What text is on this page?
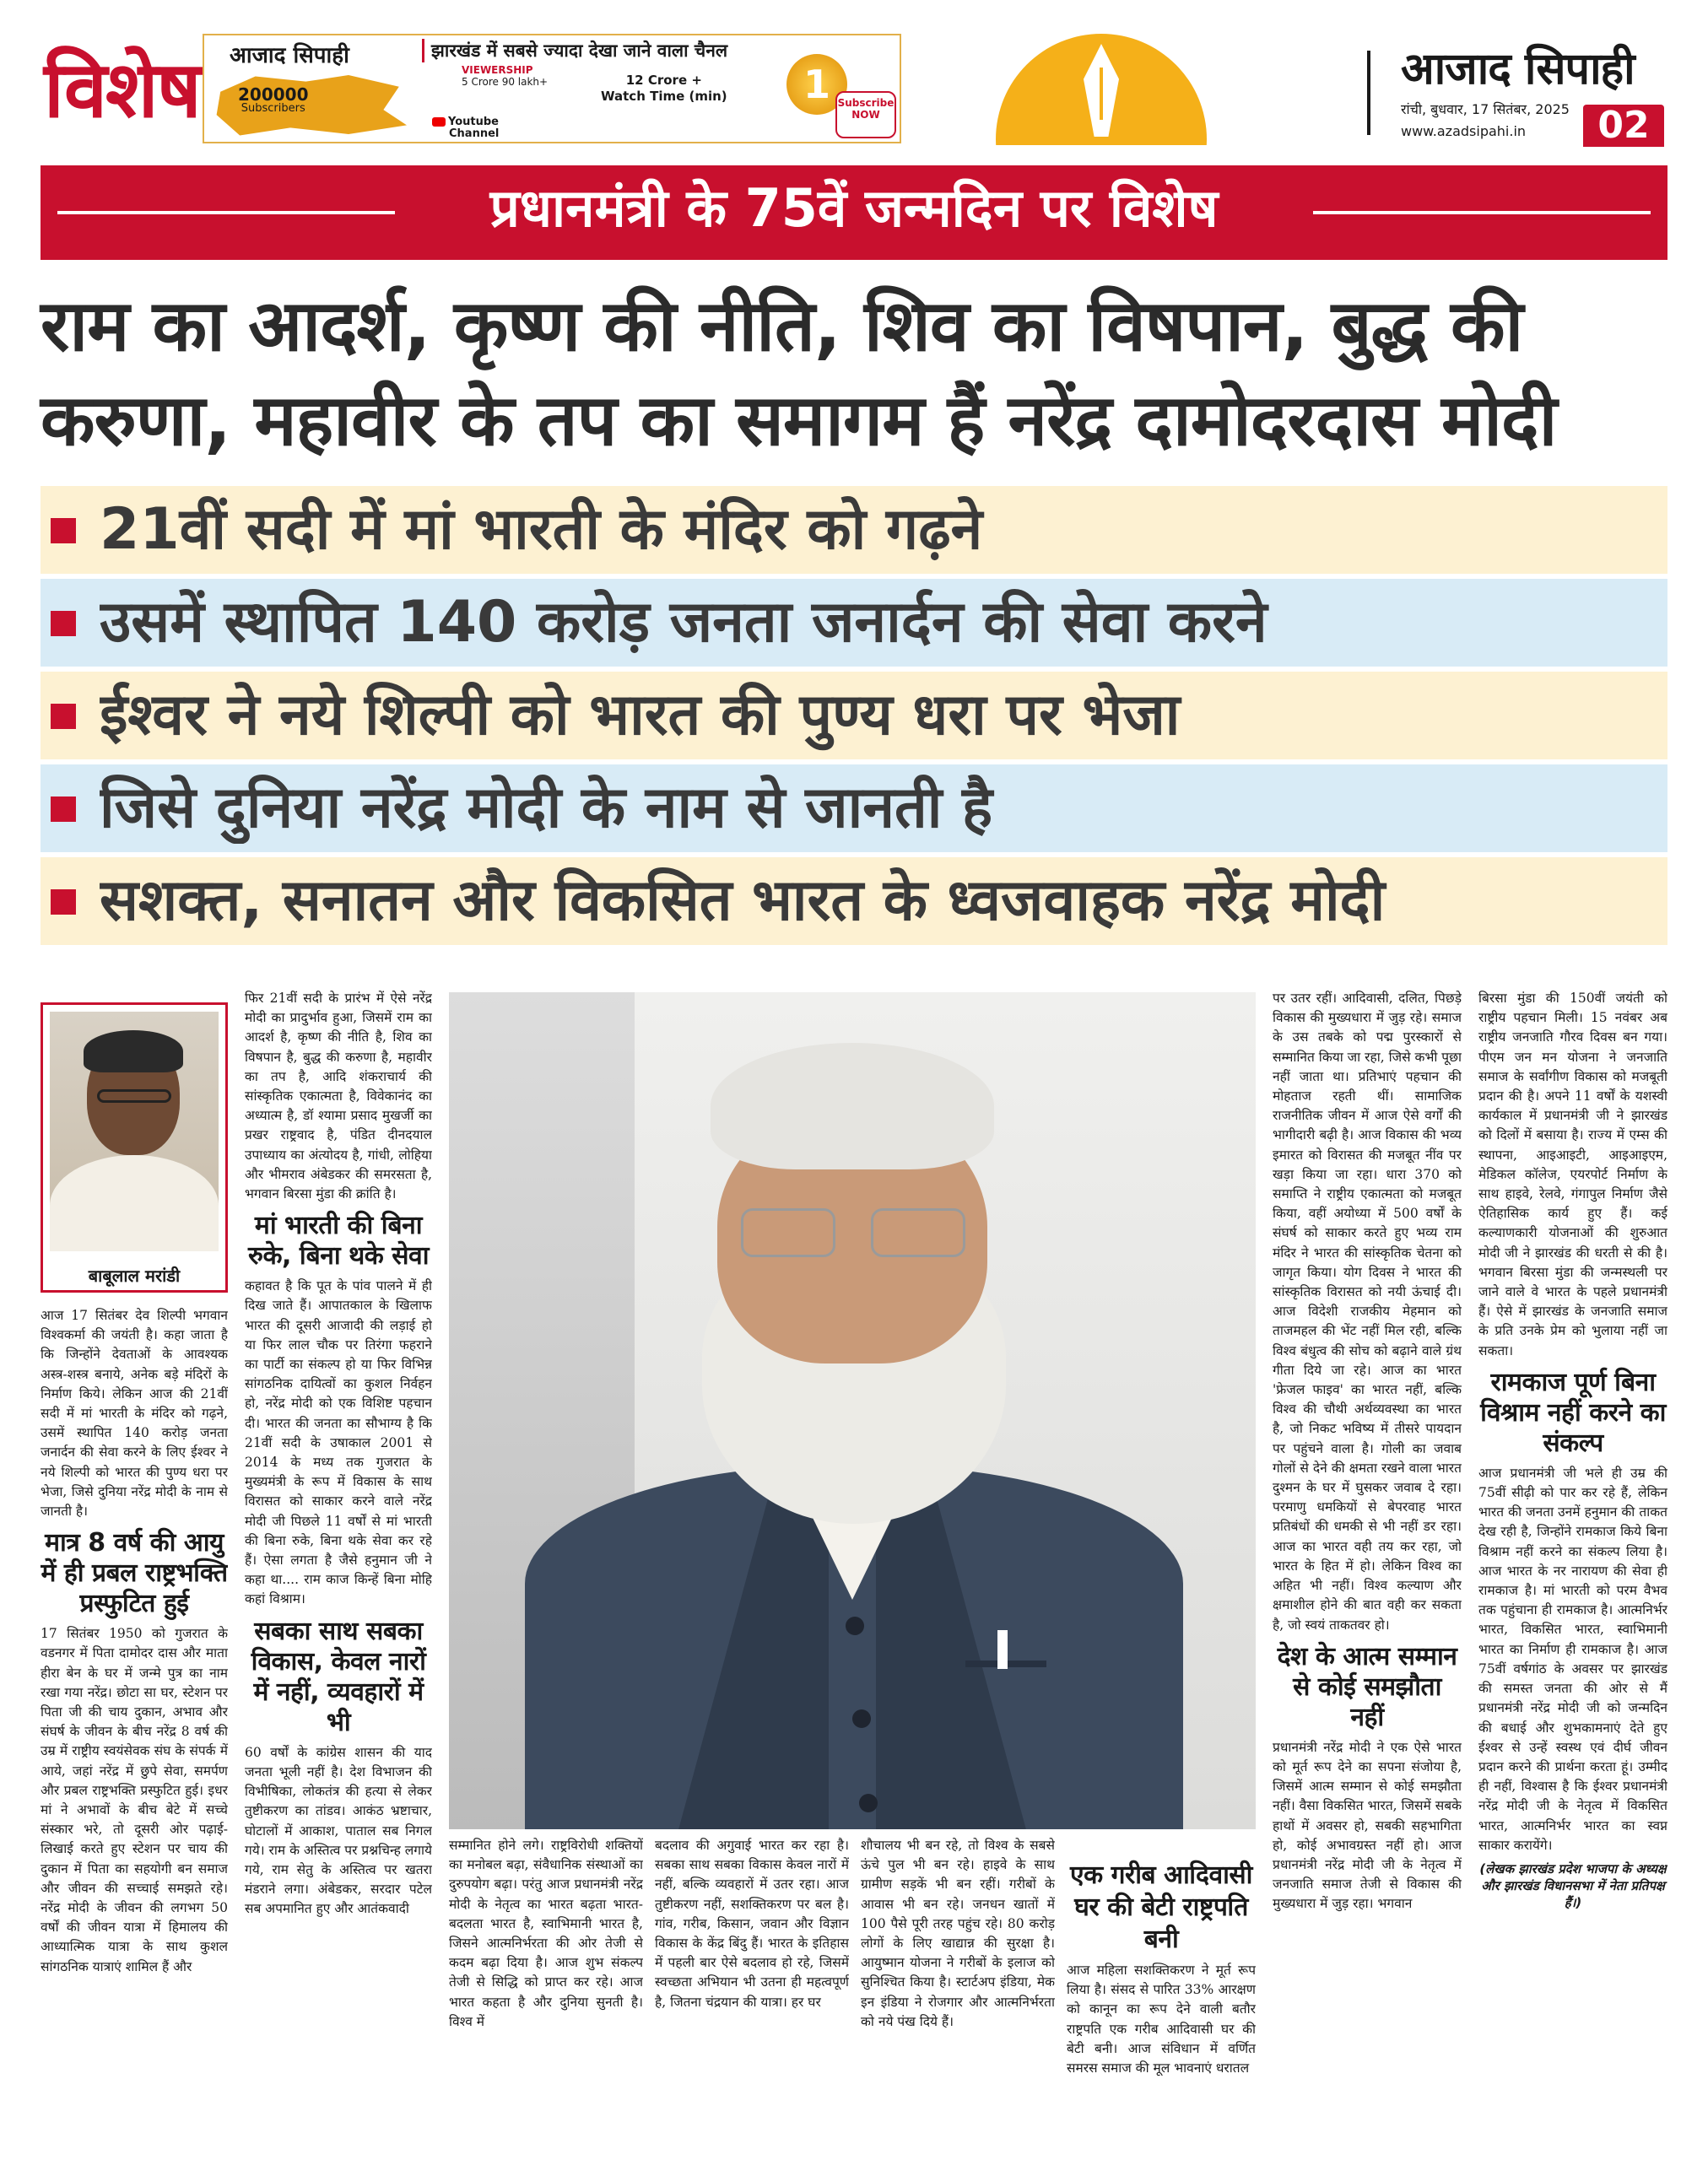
विशेष आजाद सिपाही	झारखंड में सबसे ज्यादा देखा जाने वाला चैनल
200000
Subscribers
VIEWERSHIP
5 Crore 90 lakh+	12 Crore +
Watch Time (min)
Youtube
Channel
1 Subscribe
NOW
आजाद सिपाही
रांची, बुधवार, 17 सितंबर, 2025
www.azadsipahi.in	02
प्रधानमंत्री के 75वें जन्मदिन पर विशेष
राम का आदर्श, कृष्ण की नीति, शिव का विषपान, बुद्ध की करुणा, महावीर के तप का समागम हैं नरेंद्र दामोदरदास मोदी
21वीं सदी में मां भारती के मंदिर को गढ़ने
उसमें स्थापित 140 करोड़ जनता जनार्दन की सेवा करने
ईश्वर ने नये शिल्पी को भारत की पुण्य धरा पर भेजा
जिसे दुनिया नरेंद्र मोदी के नाम से जानती है
सशक्त, सनातन और विकसित भारत के ध्वजवाहक नरेंद्र मोदी
बाबूलाल मरांडी

आज 17 सितंबर देव शिल्पी भगवान विश्वकर्मा की जयंती है। कहा जाता है कि जिन्होंने देवताओं के आवश्यक अस्त्र-शस्त्र बनाये, अनेक बड़े मंदिरों के निर्माण किये। लेकिन आज की 21वीं सदी में मां भारती के मंदिर को गढ़ने, उसमें स्थापित 140 करोड़ जनता जनार्दन की सेवा करने के लिए ईश्वर ने नये शिल्पी को भारत की पुण्य धरा पर भेजा, जिसे दुनिया नरेंद्र मोदी के नाम से जानती है।

मात्र 8 वर्ष की आयु में ही प्रबल राष्ट्रभक्ति प्रस्फुटित हुई

17 सितंबर 1950 को गुजरात के वडनगर में पिता दामोदर दास और माता हीरा बेन के घर में जन्मे पुत्र का नाम रखा गया नरेंद्र। छोटा सा घर, स्टेशन पर पिता जी की चाय दुकान, अभाव और संघर्ष के जीवन के बीच नरेंद्र 8 वर्ष की उम्र में राष्ट्रीय स्वयंसेवक संघ के संपर्क में आये, जहां नरेंद्र में छुपे सेवा, समर्पण और प्रबल राष्ट्रभक्ति प्रस्फुटित हुई। इधर मां ने अभावों के बीच बेटे में सच्चे संस्कार भरे, तो दूसरी ओर पढ़ाई-लिखाई करते हुए स्टेशन पर चाय की दुकान में पिता का सहयोगी बन समाज और जीवन की सच्चाई समझते रहे। नरेंद्र मोदी के जीवन की लगभग 50 वर्षों की जीवन यात्रा में हिमालय की आध्यात्मिक यात्रा के साथ कुशल सांगठनिक यात्राएं शामिल हैं और

फिर 21वीं सदी के प्रारंभ में ऐसे नरेंद्र मोदी का प्रादुर्भाव हुआ, जिसमें राम का आदर्श है, कृष्ण की नीति है, शिव का विषपान है, बुद्ध की करुणा है, महावीर का तप है, आदि शंकराचार्य की सांस्कृतिक एकात्मता है, विवेकानंद का अध्यात्म है, डॉ श्यामा प्रसाद मुखर्जी का प्रखर राष्ट्रवाद है, पंडित दीनदयाल उपाध्याय का अंत्योदय है, गांधी, लोहिया और भीमराव अंबेडकर की समरसता है, भगवान बिरसा मुंडा की क्रांति है।

मां भारती की बिना रुके, बिना थके सेवा

कहावत है कि पूत के पांव पालने में ही दिख जाते हैं। आपातकाल के खिलाफ भारत की दूसरी आजादी की लड़ाई हो या फिर लाल चौक पर तिरंगा फहराने का पार्टी का संकल्प हो या फिर विभिन्न सांगठनिक दायित्वों का कुशल निर्वहन हो, नरेंद्र मोदी को एक विशिष्ट पहचान दी। भारत की जनता का सौभाग्य है कि 21वीं सदी के उषाकाल 2001 से 2014 के मध्य तक गुजरात के मुख्यमंत्री के रूप में विकास के साथ विरासत को साकार करने वाले नरेंद्र मोदी जी पिछले 11 वर्षों से मां भारती की बिना रुके, बिना थके सेवा कर रहे हैं। ऐसा लगता है जैसे हनुमान जी ने कहा था.... राम काज किन्हें बिना मोहि कहां विश्राम।

सबका साथ सबका विकास, केवल नारों में नहीं, व्यवहारों में भी

60 वर्षों के कांग्रेस शासन की याद जनता भूली नहीं है। देश विभाजन की विभीषिका, लोकतंत्र की हत्या से लेकर तुष्टीकरण का तांडव। आकंठ भ्रष्टाचार, घोटालों में आकाश, पाताल सब निगल गये। राम के अस्तित्व पर प्रश्नचिन्ह लगाये गये, राम सेतु के अस्तित्व पर खतरा मंडराने लगा। अंबेडकर, सरदार पटेल सब अपमानित हुए और आतंकवादी

सम्मानित होने लगे। राष्ट्रविरोधी शक्तियों का मनोबल बढ़ा, संवैधानिक संस्थाओं का दुरुपयोग बढ़ा। परंतु आज प्रधानमंत्री नरेंद्र मोदी के नेतृत्व का भारत बढ़ता भारत-बदलता भारत है, स्वाभिमानी भारत है, जिसने आत्मनिर्भरता की ओर तेजी से कदम बढ़ा दिया है। आज शुभ संकल्प तेजी से सिद्धि को प्राप्त कर रहे। आज भारत कहता है और दुनिया सुनती है। विश्व में

बदलाव की अगुवाई भारत कर रहा है। सबका साथ सबका विकास केवल नारों में नहीं, बल्कि व्यवहारों में उतर रहा। आज तुष्टीकरण नहीं, सशक्तिकरण पर बल है। गांव, गरीब, किसान, जवान और विज्ञान विकास के केंद्र बिंदु हैं। भारत के इतिहास में पहली बार ऐसे बदलाव हो रहे, जिसमें स्वच्छता अभियान भी उतना ही महत्वपूर्ण है, जितना चंद्रयान की यात्रा। हर घर

शौचालय भी बन रहे, तो विश्व के सबसे ऊंचे पुल भी बन रहे। हाइवे के साथ ग्रामीण सड़कें भी बन रहीं। गरीबों के आवास भी बन रहे। जनधन खातों में 100 पैसे पूरी तरह पहुंच रहे। 80 करोड़ लोगों के लिए खाद्यान्न की सुरक्षा है। आयुष्मान योजना ने गरीबों के इलाज को सुनिश्चित किया है। स्टार्टअप इंडिया, मेक इन इंडिया ने रोजगार और आत्मनिर्भरता को नये पंख दिये हैं।

एक गरीब आदिवासी घर की बेटी राष्ट्रपति बनी

आज महिला सशक्तिकरण ने मूर्त रूप लिया है। संसद से पारित 33% आरक्षण को कानून का रूप देने वाली बतौर राष्ट्रपति एक गरीब आदिवासी घर की बेटी बनी। आज संविधान में वर्णित समरस समाज की मूल भावनाएं धरातल

पर उतर रहीं। आदिवासी, दलित, पिछड़े विकास की मुख्यधारा में जुड़ रहे। समाज के उस तबके को पद्म पुरस्कारों से सम्मानित किया जा रहा, जिसे कभी पूछा नहीं जाता था। प्रतिभाएं पहचान की मोहताज रहती थीं। सामाजिक राजनीतिक जीवन में आज ऐसे वर्गों की भागीदारी बढ़ी है। आज विकास की भव्य इमारत को विरासत की मजबूत नींव पर खड़ा किया जा रहा। धारा 370 को समाप्ति ने राष्ट्रीय एकात्मता को मजबूत किया, वहीं अयोध्या में 500 वर्षों के संघर्ष को साकार करते हुए भव्य राम मंदिर ने भारत की सांस्कृतिक चेतना को जागृत किया। योग दिवस ने भारत की सांस्कृतिक विरासत को नयी ऊंचाई दी। आज विदेशी राजकीय मेहमान को ताजमहल की भेंट नहीं मिल रही, बल्कि विश्व बंधुत्व की सोच को बढ़ाने वाले ग्रंथ गीता दिये जा रहे। आज का भारत 'फ्रेजल फाइव' का भारत नहीं, बल्कि विश्व की चौथी अर्थव्यवस्था का भारत है, जो निकट भविष्य में तीसरे पायदान पर पहुंचने वाला है। गोली का जवाब गोलों से देने की क्षमता रखने वाला भारत दुश्मन के घर में घुसकर जवाब दे रहा। परमाणु धमकियों से बेपरवाह भारत प्रतिबंधों की धमकी से भी नहीं डर रहा। आज का भारत वही तय कर रहा, जो भारत के हित में हो। लेकिन विश्व का अहित भी नहीं। विश्व कल्याण और क्षमाशील होने की बात वही कर सकता है, जो स्वयं ताकतवर हो।

देश के आत्म सम्मान से कोई समझौता नहीं

प्रधानमंत्री नरेंद्र मोदी ने एक ऐसे भारत को मूर्त रूप देने का सपना संजोया है, जिसमें आत्म सम्मान से कोई समझौता नहीं। वैसा विकसित भारत, जिसमें सबके हाथों में अवसर हो, सबकी सहभागिता हो, कोई अभावग्रस्त नहीं हो। आज प्रधानमंत्री नरेंद्र मोदी जी के नेतृत्व में जनजाति समाज तेजी से विकास की मुख्यधारा में जुड़ रहा। भगवान

बिरसा मुंडा की 150वीं जयंती को राष्ट्रीय पहचान मिली। 15 नवंबर अब राष्ट्रीय जनजाति गौरव दिवस बन गया। पीएम जन मन योजना ने जनजाति समाज के सर्वांगीण विकास को मजबूती प्रदान की है। अपने 11 वर्षों के यशस्वी कार्यकाल में प्रधानमंत्री जी ने झारखंड को दिलों में बसाया है। राज्य में एम्स की स्थापना, आइआइटी, आइआइएम, मेडिकल कॉलेज, एयरपोर्ट निर्माण के साथ हाइवे, रेलवे, गंगापुल निर्माण जैसे ऐतिहासिक कार्य हुए हैं। कई कल्याणकारी योजनाओं की शुरुआत मोदी जी ने झारखंड की धरती से की है। भगवान बिरसा मुंडा की जन्मस्थली पर जाने वाले वे भारत के पहले प्रधानमंत्री हैं। ऐसे में झारखंड के जनजाति समाज के प्रति उनके प्रेम को भुलाया नहीं जा सकता।

रामकाज पूर्ण बिना विश्राम नहीं करने का संकल्प

आज प्रधानमंत्री जी भले ही उम्र की 75वीं सीढ़ी को पार कर रहे हैं, लेकिन भारत की जनता उनमें हनुमान की ताकत देख रही है, जिन्होंने रामकाज किये बिना विश्राम नहीं करने का संकल्प लिया है। आज भारत के नर नारायण की सेवा ही रामकाज है। मां भारती को परम वैभव तक पहुंचाना ही रामकाज है। आत्मनिर्भर भारत, विकसित भारत, स्वाभिमानी भारत का निर्माण ही रामकाज है। आज 75वीं वर्षगांठ के अवसर पर झारखंड की समस्त जनता की ओर से मैं प्रधानमंत्री नरेंद्र मोदी जी को जन्मदिन की बधाई और शुभकामनाएं देते हुए ईश्वर से उन्हें स्वस्थ एवं दीर्घ जीवन प्रदान करने की प्रार्थना करता हूं। उम्मीद ही नहीं, विश्वास है कि ईश्वर प्रधानमंत्री नरेंद्र मोदी जी के नेतृत्व में विकसित भारत, आत्मनिर्भर भारत का स्वप्न साकार करायेंगे।

(लेखक झारखंड प्रदेश भाजपा के अध्यक्ष और झारखंड विधानसभा में नेता प्रतिपक्ष हैं।)
